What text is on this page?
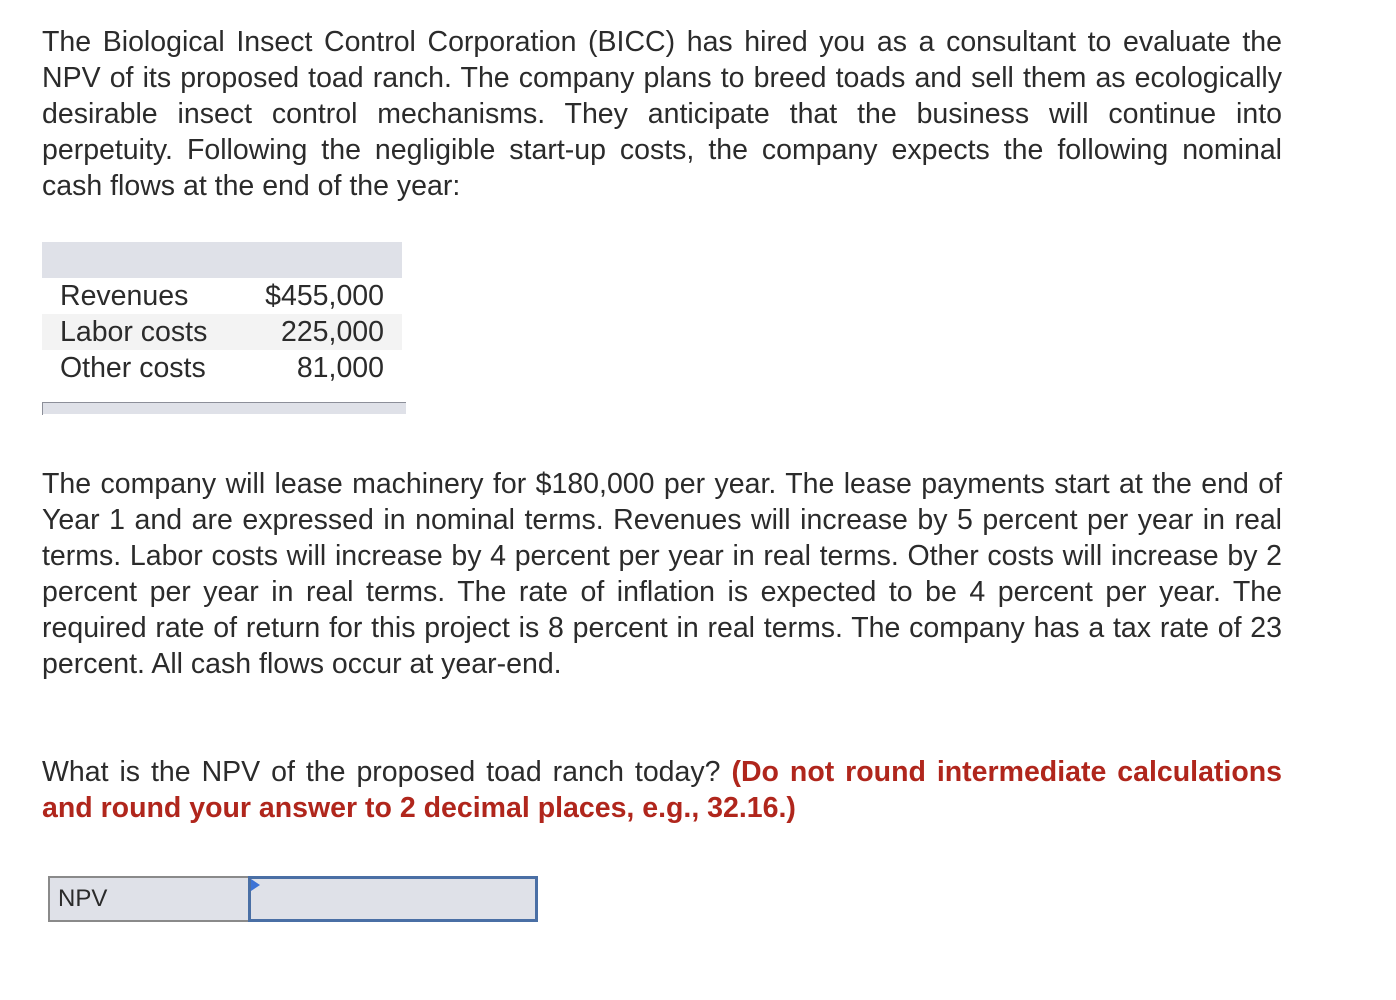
The Biological Insect Control Corporation (BICC) has hired you as a consultant to evaluate the NPV of its proposed toad ranch. The company plans to breed toads and sell them as ecologically desirable insect control mechanisms. They anticipate that the business will continue into perpetuity. Following the negligible start-up costs, the company expects the following nominal cash flows at the end of the year:

Revenues	$455,000
Labor costs	225,000
Other costs	81,000

The company will lease machinery for $180,000 per year. The lease payments start at the end of Year 1 and are expressed in nominal terms. Revenues will increase by 5 percent per year in real terms. Labor costs will increase by 4 percent per year in real terms. Other costs will increase by 2 percent per year in real terms. The rate of inflation is expected to be 4 percent per year. The required rate of return for this project is 8 percent in real terms. The company has a tax rate of 23 percent. All cash flows occur at year-end.

What is the NPV of the proposed toad ranch today? (Do not round intermediate calculations and round your answer to 2 decimal places, e.g., 32.16.)

NPV
